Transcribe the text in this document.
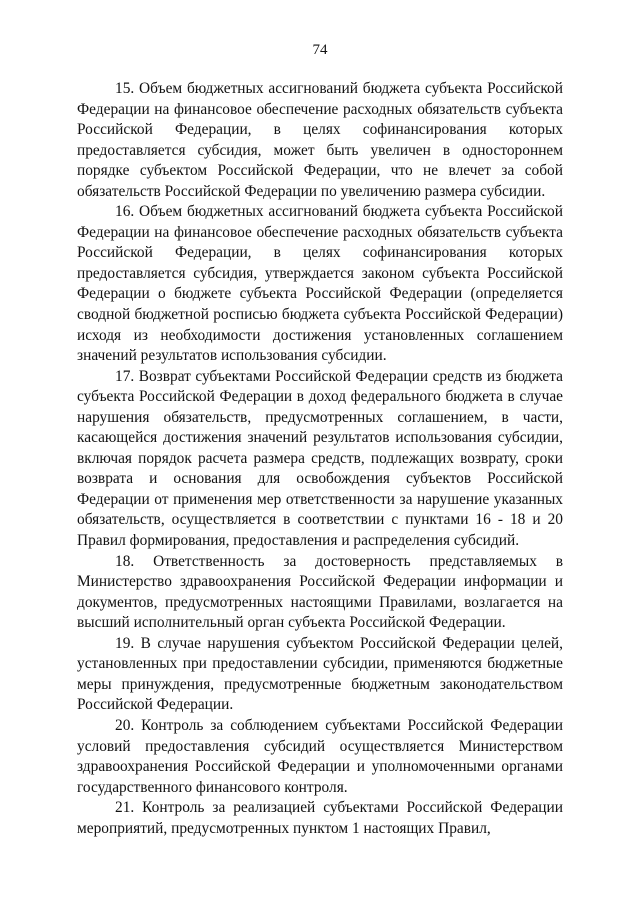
74

15. Объем бюджетных ассигнований бюджета субъекта Российской Федерации на финансовое обеспечение расходных обязательств субъекта Российской Федерации, в целях софинансирования которых предоставляется субсидия, может быть увеличен в одностороннем порядке субъектом Российской Федерации, что не влечет за собой обязательств Российской Федерации по увеличению размера субсидии.

16. Объем бюджетных ассигнований бюджета субъекта Российской Федерации на финансовое обеспечение расходных обязательств субъекта Российской Федерации, в целях софинансирования которых предоставляется субсидия, утверждается законом субъекта Российской Федерации о бюджете субъекта Российской Федерации (определяется сводной бюджетной росписью бюджета субъекта Российской Федерации) исходя из необходимости достижения установленных соглашением значений результатов использования субсидии.

17. Возврат субъектами Российской Федерации средств из бюджета субъекта Российской Федерации в доход федерального бюджета в случае нарушения обязательств, предусмотренных соглашением, в части, касающейся достижения значений результатов использования субсидии, включая порядок расчета размера средств, подлежащих возврату, сроки возврата и основания для освобождения субъектов Российской Федерации от применения мер ответственности за нарушение указанных обязательств, осуществляется в соответствии с пунктами 16 - 18 и 20 Правил формирования, предоставления и распределения субсидий.

18. Ответственность за достоверность представляемых в Министерство здравоохранения Российской Федерации информации и документов, предусмотренных настоящими Правилами, возлагается на высший исполнительный орган субъекта Российской Федерации.

19. В случае нарушения субъектом Российской Федерации целей, установленных при предоставлении субсидии, применяются бюджетные меры принуждения, предусмотренные бюджетным законодательством Российской Федерации.

20. Контроль за соблюдением субъектами Российской Федерации условий предоставления субсидий осуществляется Министерством здравоохранения Российской Федерации и уполномоченными органами государственного финансового контроля.

21. Контроль за реализацией субъектами Российской Федерации мероприятий, предусмотренных пунктом 1 настоящих Правил,
